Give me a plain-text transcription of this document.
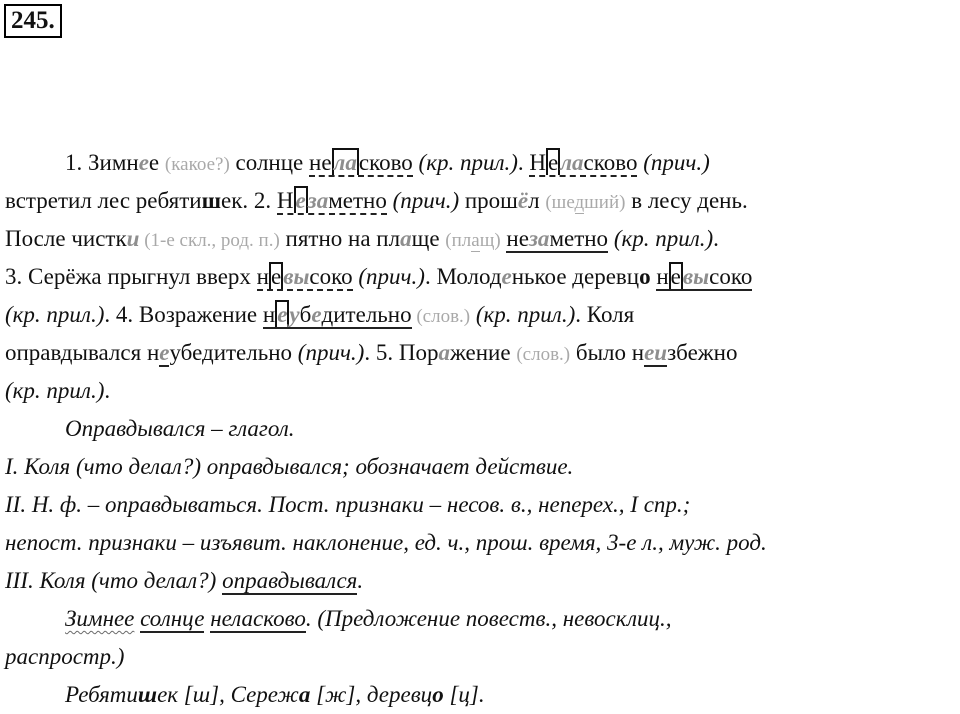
245.
1. Зимнее (какое?) солнце неласково (кр. прил.). Неласково (прич.)
встретил лес ребятишек. 2. Незаметно (прич.) прошёл (шедший) в лесу день.
После чистки (1-е скл., род. п.) пятно на плаще (плащ) незаметно (кр. прил.).
3. Серёжа прыгнул вверх невысоко (прич.). Молоденькое деревцо невысоко
(кр. прил.). 4. Возражение неубедительно (слов.) (кр. прил.). Коля
оправдывался неубедительно (прич.). 5. Поражение (слов.) было неизбежно
(кр. прил.).
Оправдывался – глагол.
I. Коля (что делал?) оправдывался; обозначает действие.
II. Н. ф. – оправдываться. Пост. признаки – несов. в., неперех., I спр.;
непост. признаки – изъявит. наклонение, ед. ч., прош. время, 3-е л., муж. род.
III. Коля (что делал?) оправдывался.
Зимнее солнце неласково. (Предложение повеств., невосклиц.,
распростр.)
Ребятишек [ш], Сережа [ж], деревцо [ц].
